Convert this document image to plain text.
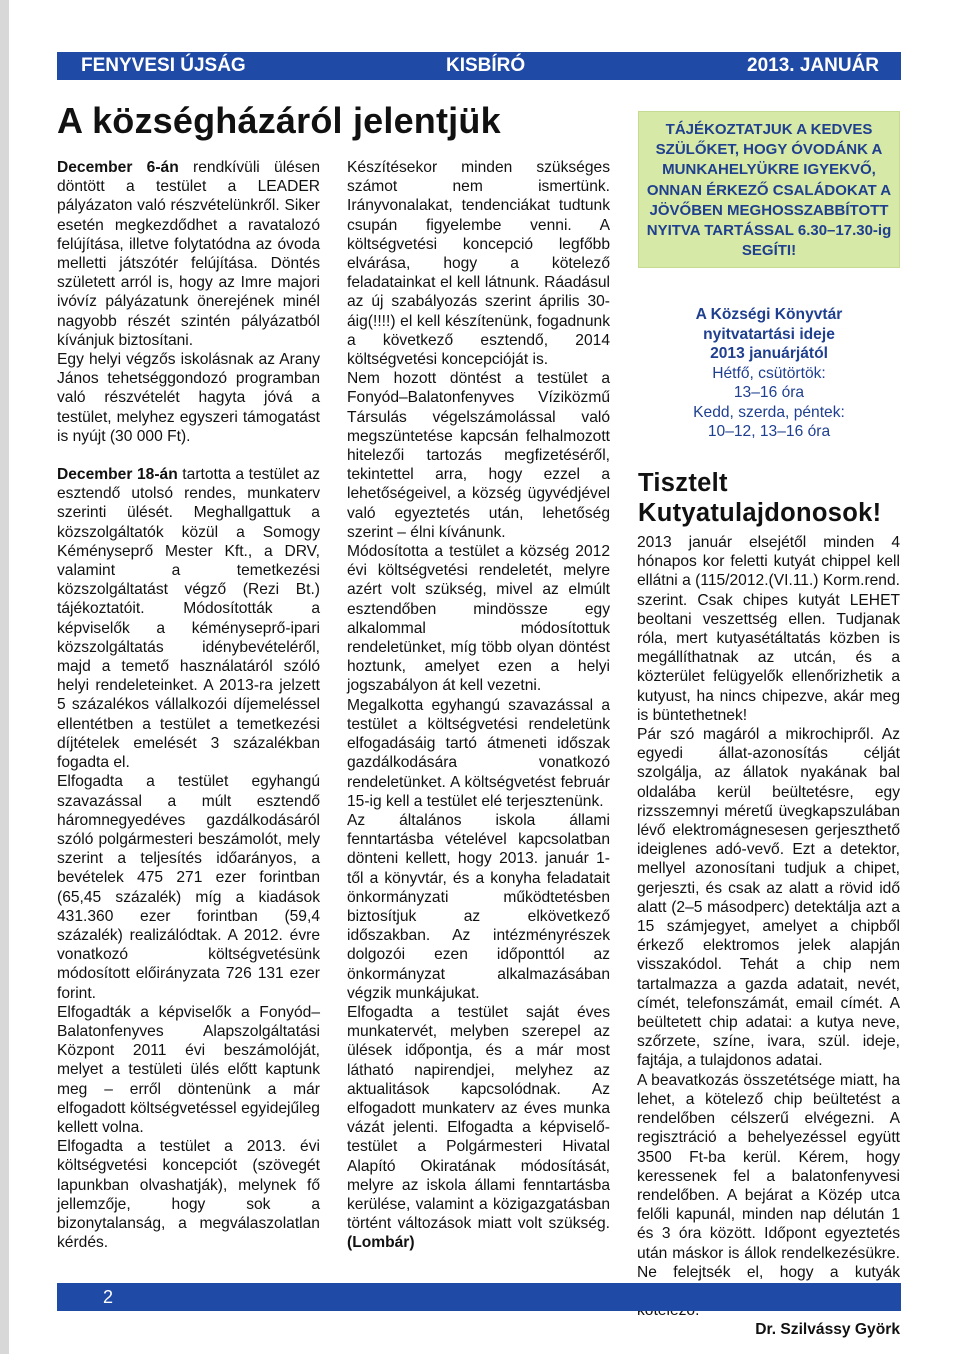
FENYVESI ÚJSÁG	KISBÍRÓ	2013. JANUÁR
A községházáról jelentjük

December 6-án rendkívüli ülésen döntött a testület a LEADER pályázaton való részvételünkről. Siker esetén megkezdődhet a ravatalozó felújítása, illetve folytatódna az óvoda melletti játszótér felújítása. Döntés született arról is, hogy az Imre majori ivóvíz pályázatunk önerejének minél nagyobb részét szintén pályázatból kívánjuk biztosítani.

Egy helyi végzős iskolásnak az Arany János tehetséggondozó programban való részvételét hagyta jóvá a testület, melyhez egyszeri támogatást is nyújt (30 000 Ft).

December 18-án tartotta a testület az esztendő utolsó rendes, munkaterv szerinti ülését. Meghallgattuk a közszolgáltatók közül a Somogy Kéményseprő Mester Kft., a DRV, valamint a temetkezési közszolgáltatást végző (Rezi Bt.) tájékoztatóit. Módosították a képviselők a kéményseprő-ipari közszolgáltatás idénybevételéről, majd a temető használatáról szóló helyi rendeleteinket. A 2013-ra jelzett 5 százalékos vállalkozói díjemeléssel ellentétben a testület a temetkezési díjtételek emelését 3 százalékban fogadta el.

Elfogadta a testület egyhangú szavazással a múlt esztendő háromnegyedéves gazdálkodásáról szóló polgármesteri beszámolót, mely szerint a teljesítés időarányos, a bevételek 475 271 ezer forintban (65,45 százalék) míg a kiadások 431.360 ezer forintban (59,4 százalék) realizálódtak. A 2012. évre vonatkozó költségvetésünk módosított előirányzata 726 131 ezer forint.

Elfogadták a képviselők a Fonyód–Balatonfenyves Alapszolgáltatási Központ 2011 évi beszámolóját, melyet a testületi ülés előtt kaptunk meg – erről döntenünk a már elfogadott költségvetéssel egyidejűleg kellett volna.

Elfogadta a testület a 2013. évi költségvetési koncepciót (szövegét lapunkban olvashatják), melynek fő jellemzője, hogy sok a bizonytalanság, a megválaszolatlan kérdés.

Készítésekor minden szükséges számot nem ismertünk. Irányvonalakat, tendenciákat tudtunk csupán figyelembe venni. A költségvetési koncepció legfőbb elvárása, hogy a kötelező feladatainkat el kell látnunk. Ráadásul az új szabályozás szerint április 30-áig(!!!!) el kell készítenünk, fogadnunk a következő esztendő, 2014 költségvetési koncepcióját is.

Nem hozott döntést a testület a Fonyód–Balatonfenyves Víziközmű Társulás végelszámolással való megszüntetése kapcsán felhalmozott hitelezői tartozás megfizetéséről, tekintettel arra, hogy ezzel a lehetőségeivel, a község ügyvédjével való egyeztetés után, lehetőség szerint – élni kívánunk.

Módosította a testület a község 2012 évi költségvetési rendeletét, melyre azért volt szükség, mivel az elmúlt esztendőben mindössze egy alkalommal módosítottuk rendeletünket, míg több olyan döntést hoztunk, amelyet ezen a helyi jogszabályon át kell vezetni.

Megalkotta egyhangú szavazással a testület a költségvetési rendeletünk elfogadásáig tartó átmeneti időszak gazdálkodására vonatkozó rendeletünket. A költségvetést február 15-ig kell a testület elé terjesztenünk.

Az általános iskola állami fenntartásba vételével kapcsolatban dönteni kellett, hogy 2013. január 1-től a könyvtár, és a konyha feladatait önkormányzati működtetésben biztosítjuk az elkövetkező időszakban. Az intézményrészek dolgozói ezen időponttól az önkormányzat alkalmazásában végzik munkájukat.

Elfogadta a testület saját éves munkatervét, melyben szerepel az ülések időpontja, és a már most látható napirendjei, melyhez az aktualitások kapcsolódnak. Az elfogadott munkaterv az éves munka vázát jelenti. Elfogadta a képviselő-testület a Polgármesteri Hivatal Alapító Okiratának módosítását, melyre az iskola állami fenntartásba kerülése, valamint a közigazgatásban történt változások miatt volt szükség. (Lombár)

TÁJÉKOZTATJUK A KEDVES SZÜLŐKET, HOGY ÓVODÁNK A MUNKAHELYÜKRE IGYEKVŐ, ONNAN ÉRKEZŐ CSALÁDOKAT A JÖVŐBEN MEGHOSSZABBÍTOTT NYITVA TARTÁSSAL 6.30–17.30-ig SEGÍTI!
A Községi Könyvtár
nyitvatartási ideje
2013 januárjától
Hétfő, csütörtök:
13–16 óra
Kedd, szerda, péntek:
10–12, 13–16 óra
Tisztelt
Kutyatulajdonosok!

2013 január elsejétől minden 4 hónapos kor feletti kutyát chippel kell ellátni a (115/2012.(VI.11.) Korm.rend. szerint. Csak chipes kutyát LEHET beoltani veszettség ellen. Tudjanak róla, mert kutyasétáltatás közben is megállíthatnak az utcán, és a közterület felügyelők ellenőrizhetik a kutyust, ha nincs chipezve, akár meg is büntethetnek!

Pár szó magáról a mikrochipről. Az egyedi állat-azonosítás célját szolgálja, az állatok nyakának bal oldalába kerül beültetésre, egy rizsszemnyi méretű üvegkapszulában lévő elektromágnesesen gerjeszthető ideiglenes adó-vevő. Ezt a detektor, mellyel azonosítani tudjuk a chipet, gerjeszti, és csak az alatt a rövid idő alatt (2–5 másodperc) detektálja azt a 15 számjegyet, amelyet a chipből érkező elektromos jelek alapján visszakódol. Tehát a chip nem tartalmazza a gazda adatait, nevét, címét, telefonszámát, email címét. A beültetett chip adatai: a kutya neve, szőrzete, színe, ivara, szül. ideje, fajtája, a tulajdonos adatai.

A beavatkozás összetétsége miatt, ha lehet, a kötelező chip beültetést a rendelőben célszerű elvégezni. A regisztráció a behelyezéssel együtt 3500 Ft-ba kerül. Kérem, hogy keressenek fel a balatonfenyvesi rendelőben. A bejárat a Közép utca felőli kapunál, minden nap délután 1 és 3 óra között. Időpont egyeztetés után máskor is állok rendelkezésükre. Ne felejtsék el, hogy a kutyák

Dr. Szilvássy Györk

2
